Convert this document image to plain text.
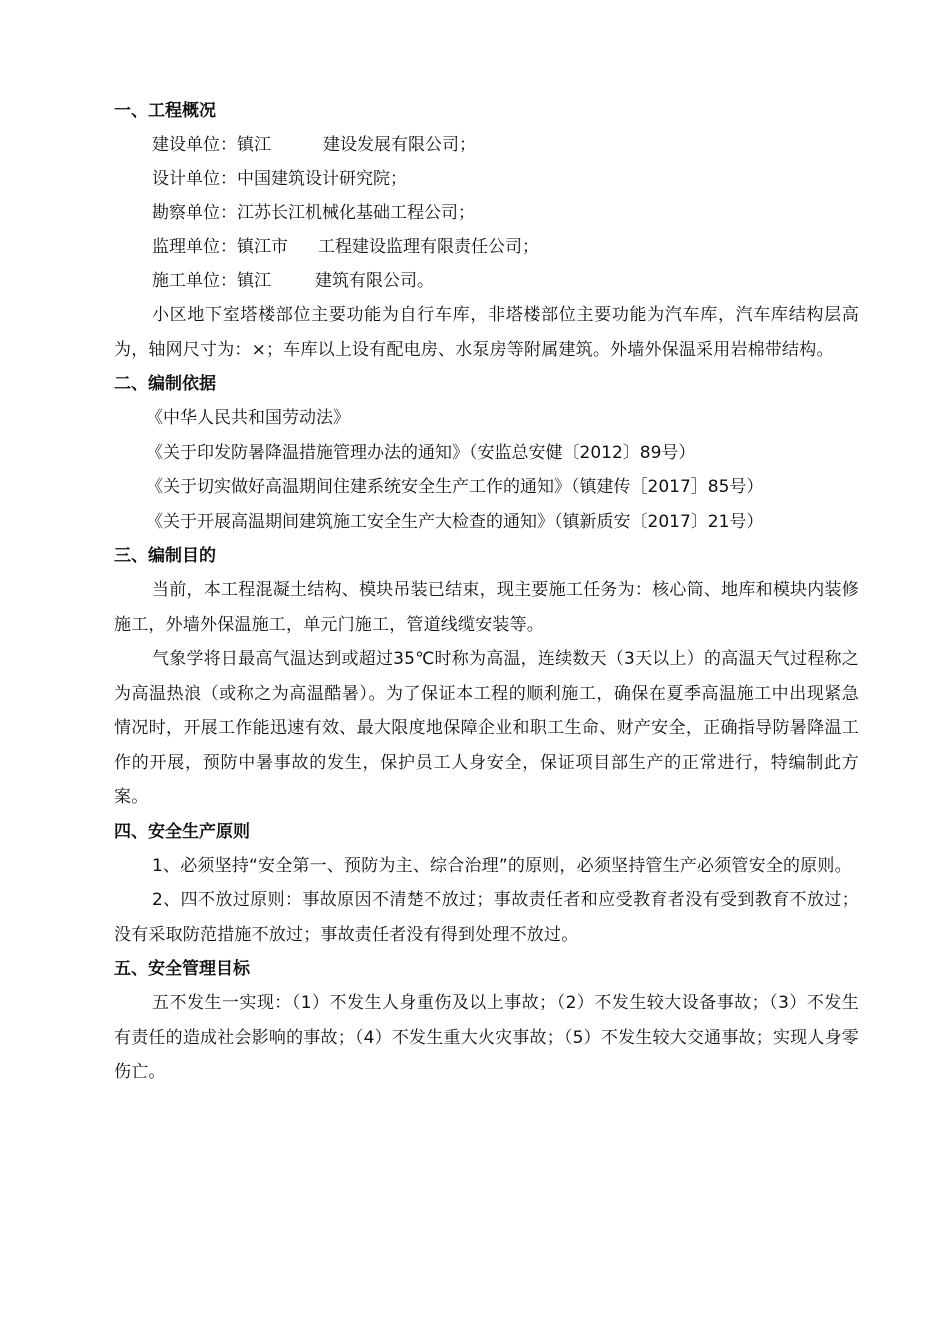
一、工程概况
建设单位：镇江	建设发展有限公司；
设计单位：中国建筑设计研究院；
勘察单位：江苏长江机械化基础工程公司；
监理单位：镇江市 工程建设监理有限责任公司；
施工单位：镇江	建筑有限公司。

小区地下室塔楼部位主要功能为自行车库，非塔楼部位主要功能为汽车库，汽车库结构层高为，轴网尺寸为：×；车库以上设有配电房、水泵房等附属建筑。外墙外保温采用岩棉带结构。

二、编制依据
《中华人民共和国劳动法》
《关于印发防暑降温措施管理办法的通知》（安监总安健〔2012〕89号）
《关于切实做好高温期间住建系统安全生产工作的通知》（镇建传［2017］85号）
《关于开展高温期间建筑施工安全生产大检查的通知》（镇新质安〔2017〕21号）
三、编制目的

当前，本工程混凝土结构、模块吊装已结束，现主要施工任务为：核心筒、地库和模块内装修施工，外墙外保温施工，单元门施工，管道线缆安装等。

气象学将日最高气温达到或超过35℃时称为高温，连续数天（3天以上）的高温天气过程称之为高温热浪（或称之为高温酷暑）。为了保证本工程的顺利施工，确保在夏季高温施工中出现紧急情况时，开展工作能迅速有效、最大限度地保障企业和职工生命、财产安全，正确指导防暑降温工作的开展，预防中暑事故的发生，保护员工人身安全，保证项目部生产的正常进行，特编制此方案。

四、安全生产原则

1、必须坚持“安全第一、预防为主、综合治理”的原则，必须坚持管生产必须管安全的原则。

2、四不放过原则：事故原因不清楚不放过；事故责任者和应受教育者没有受到教育不放过；没有采取防范措施不放过；事故责任者没有得到处理不放过。

五、安全管理目标

五不发生一实现：（1）不发生人身重伤及以上事故；（2）不发生较大设备事故；（3）不发生有责任的造成社会影响的事故；（4）不发生重大火灾事故；（5）不发生较大交通事故；实现人身零伤亡。
